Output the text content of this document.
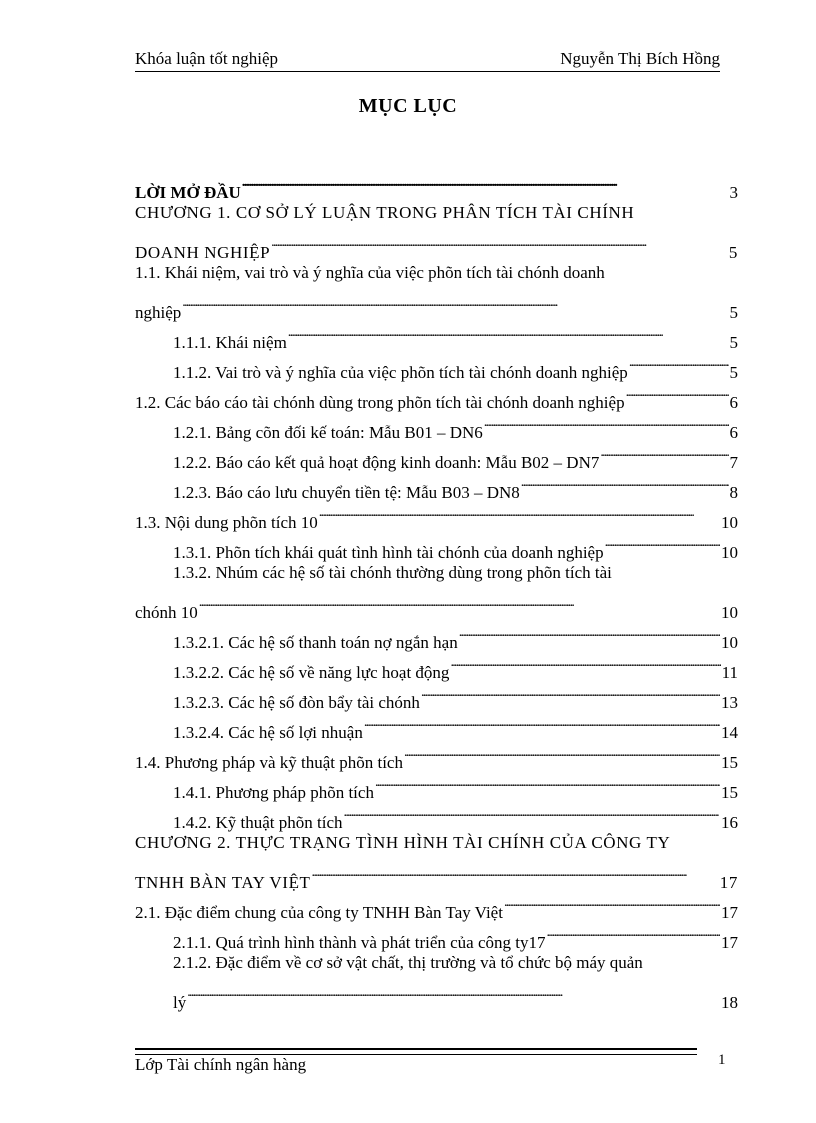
Khóa luận tốt nghiệp	Nguyễn Thị Bích Hồng
MỤC LỤC
LỜI MỞ ĐẦU . . .	3
CHƯƠNG 1. CƠ SỞ LÝ LUẬN TRONG PHÂN TÍCH TÀI CHÍNH
DOANH NGHIỆP . . .	5
1.1. Khái niệm, vai trò và ý nghĩa của việc phõn tích tài chónh doanh
nghiệp . . .	5
1.1.1. Khái niệm . . .	5
1.1.2. Vai trò và ý nghĩa của việc phõn tích tài chónh doanh nghiệp . . .	5
1.2. Các báo cáo tài chónh dùng trong phõn tích tài chónh doanh nghiệp . . .	6
1.2.1. Bảng cõn đối kế toán: Mẫu B01 – DN6 . . .	6
1.2.2. Báo cáo kết quả hoạt động kinh doanh: Mẫu B02 – DN7 . . .	7
1.2.3. Báo cáo lưu chuyển tiền tệ: Mẫu B03 – DN8 . . .	8
1.3. Nội dung phõn tích 10 . . .	10
1.3.1. Phõn tích khái quát tình hình tài chónh của doanh nghiệp . . .	10
1.3.2. Nhúm các hệ số tài chónh thường dùng trong phõn tích tài
chónh 10 . . .	10
1.3.2.1. Các hệ số thanh toán nợ ngắn hạn . . .	10
1.3.2.2. Các hệ số về năng lực hoạt động . . .	11
1.3.2.3. Các hệ số đòn bẩy tài chónh . . .	13
1.3.2.4. Các hệ số lợi nhuận . . .	14
1.4. Phương pháp và kỹ thuật phõn tích . . .	15
1.4.1. Phương pháp phõn tích . . .	15
1.4.2. Kỹ thuật phõn tích . . .	16
CHƯƠNG 2. THỰC TRẠNG TÌNH HÌNH TÀI CHÍNH CỦA CÔNG TY
TNHH BÀN TAY VIỆT . . .	17
2.1. Đặc điểm chung của công ty TNHH Bàn Tay Việt . . .	17
2.1.1. Quá trình hình thành và phát triển của công ty17 . . .	17
2.1.2. Đặc điểm về cơ sở vật chất, thị trường và tổ chức bộ máy quản
lý . . .	18
Lớp Tài chính ngân hàng	1
